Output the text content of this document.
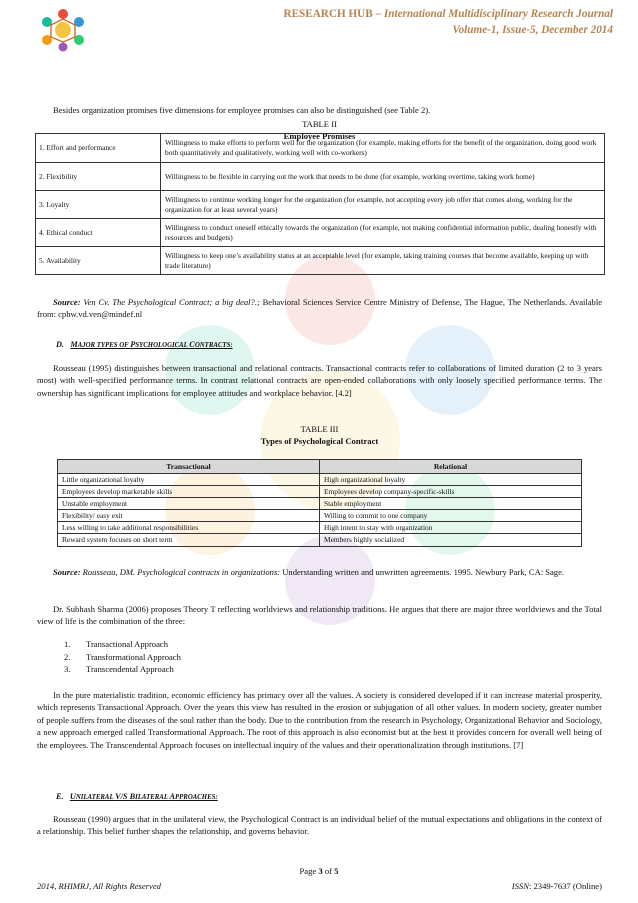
RESEARCH HUB – International Multidisciplinary Research Journal
Volume-1, Issue-5, December 2014

Besides organization promises five dimensions for employee promises can also be distinguished (see Table 2).

TABLE II
Employee Promises

1. Effort and performance	Willingness to make efforts to perform well for the organization (for example, making efforts for the benefit of the organization, doing good work both quantitatively and qualitatively, working well with co-workers)
2. Flexibility	Willingness to be flexible in carrying out the work that needs to be done (for example, working overtime, taking work home)
3. Loyalty	Willingness to continue working longer for the organization (for example, not accepting every job offer that comes along, working for the organization for at least several years)
4. Ethical conduct	Willingness to conduct oneself ethically towards the organization (for example, not making confidential information public, dealing honestly with resources and budgets)
5. Availability	Willingness to keep one’s availability status at an acceptable level (for example, taking training courses that become available, keeping up with trade literature)

Source: Ven Cv. The Psychological Contract; a big deal?.; Behavioral Sciences Service Centre Ministry of Defense, The Hague, The Netherlands. Available from: cphw.vd.ven@mindef.nl

D. MAJOR TYPES OF PSYCHOLOGICAL CONTRACTS:

Rousseau (1995) distinguishes between transactional and relational contracts. Transactional contracts refer to collaborations of limited duration (2 to 3 years most) with well-specified performance terms. In contrast relational contracts are open-ended collaborations with only loosely specified performance terms. The ownership has significant implications for employee attitudes and workplace behavior. [4.2]

TABLE III
Types of Psychological Contract

Transactional	Relational
Little organizational loyalty	High organizational loyalty
Employees develop marketable skills	Employees develop company-specific-skills
Unstable employment	Stable employment
Flexibility/ easy exit	Willing to commit to one company
Less willing to take additional responsibilities	High intent to stay with organization
Reward system focuses on short term	Members highly socialized

Source: Rousseau, DM. Psychological contracts in organizations: Understanding written and unwritten agreements. 1995. Newbury Park, CA: Sage.

Dr. Subhash Sharma (2006) proposes Theory T reflecting worldviews and relationship traditions. He argues that there are major three worldviews and the Total view of life is the combination of the three:

1. Transactional Approach
2. Transformational Approach
3. Transcendental Approach

In the pure materialistic tradition, economic efficiency has primacy over all the values. A society is considered developed if it can increase material prosperity, which represents Transactional Approach. Over the years this view has resulted in the erosion or subjugation of all other values. In modern society, greater number of people suffers from the diseases of the soul rather than the body. Due to the contribution from the research in Psychology, Organizational Behavior and Sociology, a new approach emerged called Transformational Approach. The root of this approach is also economist but at the best it provides concern for overall well being of the employees. The Transcendental Approach focuses on intellectual inquiry of the values and their operationalization through institutions. [7]

E. UNILATERAL V/S BILATERAL APPROACHES:

Rousseau (1990) argues that in the unilateral view, the Psychological Contract is an individual belief of the mutual expectations and obligations in the context of a relationship. This belief further shapes the relationship, and governs behavior.

Page 3 of 5
2014, RHIMRJ, All Rights Reserved	ISSN: 2349-7637 (Online)
